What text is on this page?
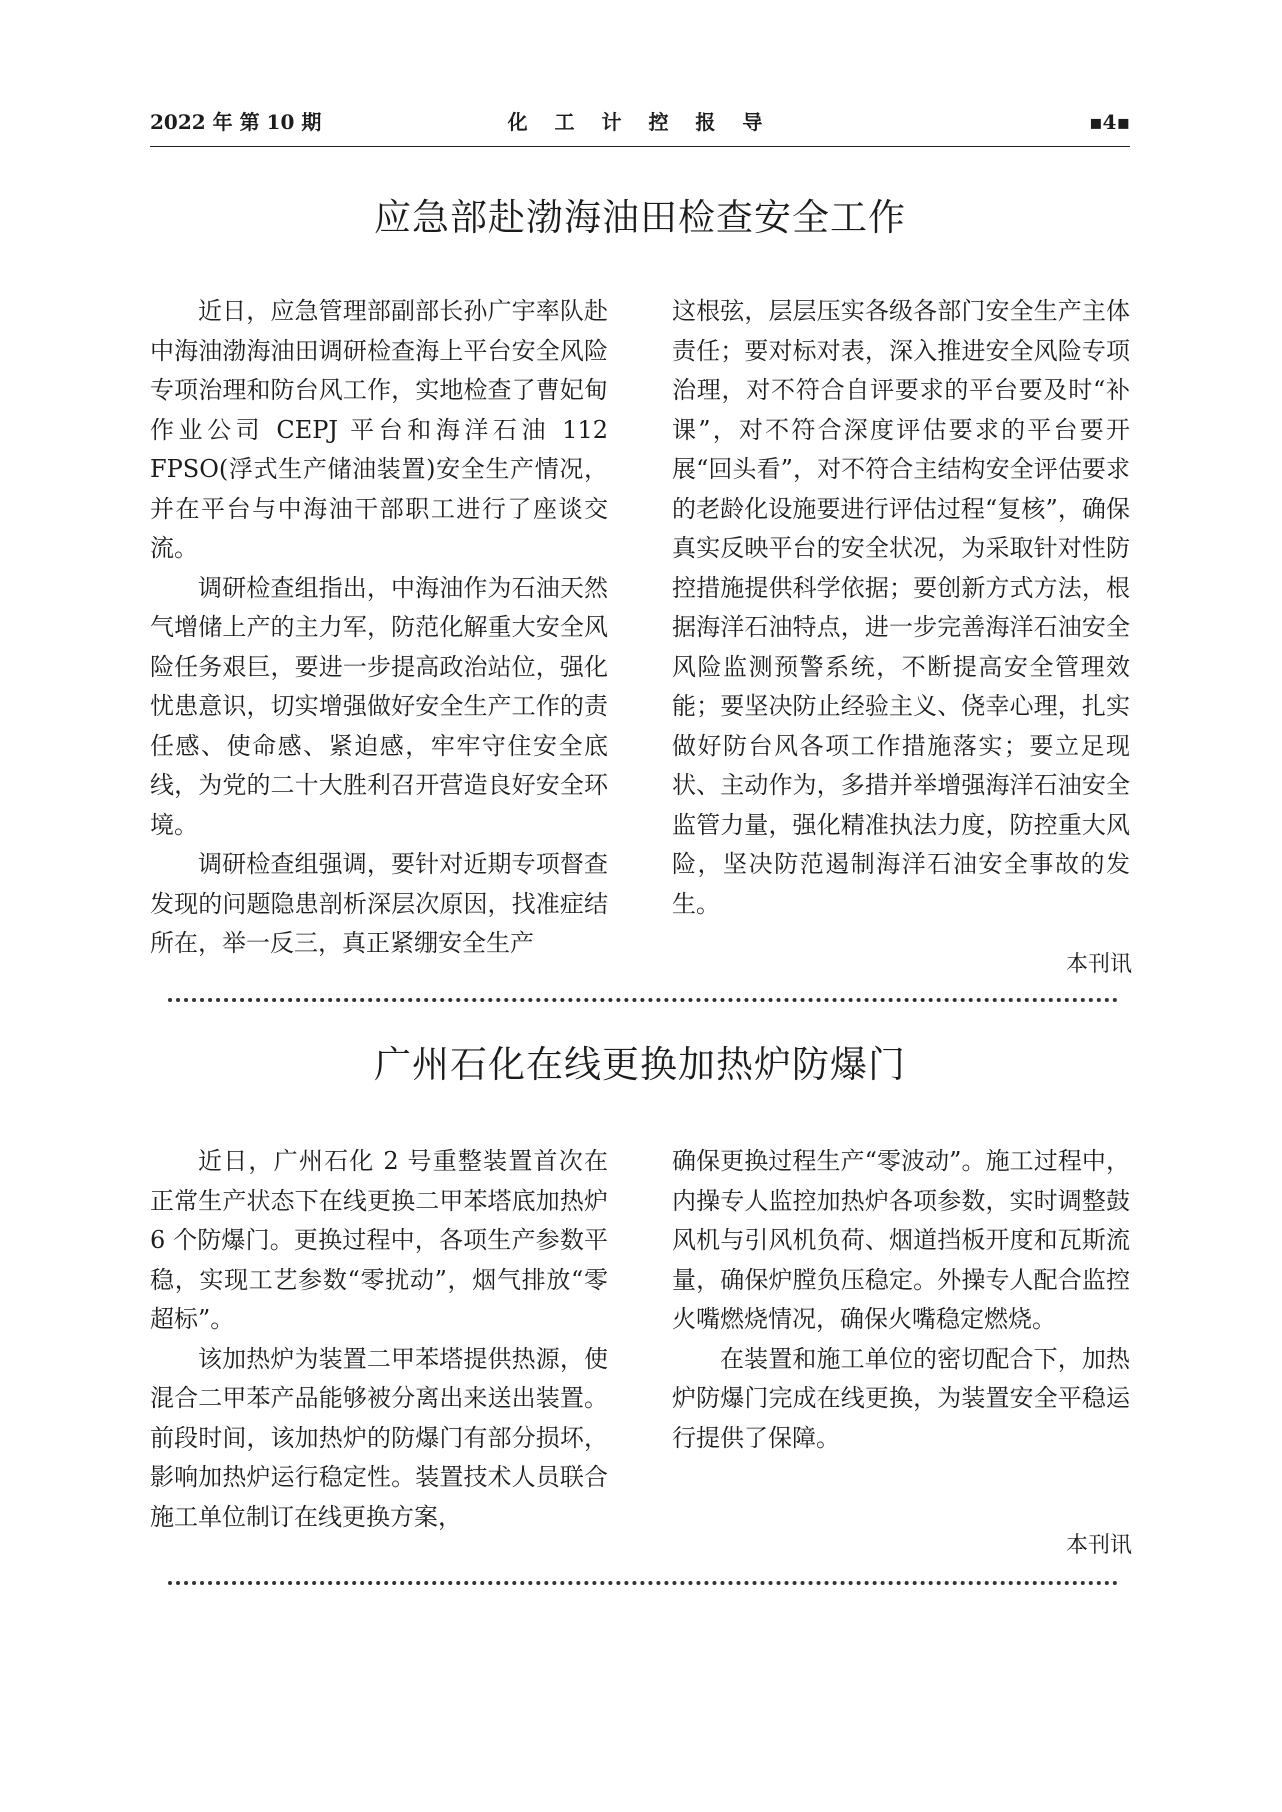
2022 年 第 10 期	化 工 计 控 报 导	▪4▪
应急部赴渤海油田检查安全工作

近日，应急管理部副部长孙广宇率队赴中海油渤海油田调研检查海上平台安全风险专项治理和防台风工作，实地检查了曹妃甸作业公司 CEPJ 平台和海洋石油 112 FPSO(浮式生产储油装置)安全生产情况，并在平台与中海油干部职工进行了座谈交流。

调研检查组指出，中海油作为石油天然气增储上产的主力军，防范化解重大安全风险任务艰巨，要进一步提高政治站位，强化忧患意识，切实增强做好安全生产工作的责任感、使命感、紧迫感，牢牢守住安全底线，为党的二十大胜利召开营造良好安全环境。

调研检查组强调，要针对近期专项督查发现的问题隐患剖析深层次原因，找准症结所在，举一反三，真正紧绷安全生产

这根弦，层层压实各级各部门安全生产主体责任；要对标对表，深入推进安全风险专项治理，对不符合自评要求的平台要及时“补课”，对不符合深度评估要求的平台要开展“回头看”，对不符合主结构安全评估要求的老龄化设施要进行评估过程“复核”，确保真实反映平台的安全状况，为采取针对性防控措施提供科学依据；要创新方式方法，根据海洋石油特点，进一步完善海洋石油安全风险监测预警系统，不断提高安全管理效能；要坚决防止经验主义、侥幸心理，扎实做好防台风各项工作措施落实；要立足现状、主动作为，多措并举增强海洋石油安全监管力量，强化精准执法力度，防控重大风险，坚决防范遏制海洋石油安全事故的发生。

本刊讯
广州石化在线更换加热炉防爆门

近日，广州石化 2 号重整装置首次在正常生产状态下在线更换二甲苯塔底加热炉 6 个防爆门。更换过程中，各项生产参数平稳，实现工艺参数“零扰动”，烟气排放“零超标”。

该加热炉为装置二甲苯塔提供热源，使混合二甲苯产品能够被分离出来送出装置。前段时间，该加热炉的防爆门有部分损坏，影响加热炉运行稳定性。装置技术人员联合施工单位制订在线更换方案，

确保更换过程生产“零波动”。施工过程中，内操专人监控加热炉各项参数，实时调整鼓风机与引风机负荷、烟道挡板开度和瓦斯流量，确保炉膛负压稳定。外操专人配合监控火嘴燃烧情况，确保火嘴稳定燃烧。

在装置和施工单位的密切配合下，加热炉防爆门完成在线更换，为装置安全平稳运行提供了保障。

本刊讯
